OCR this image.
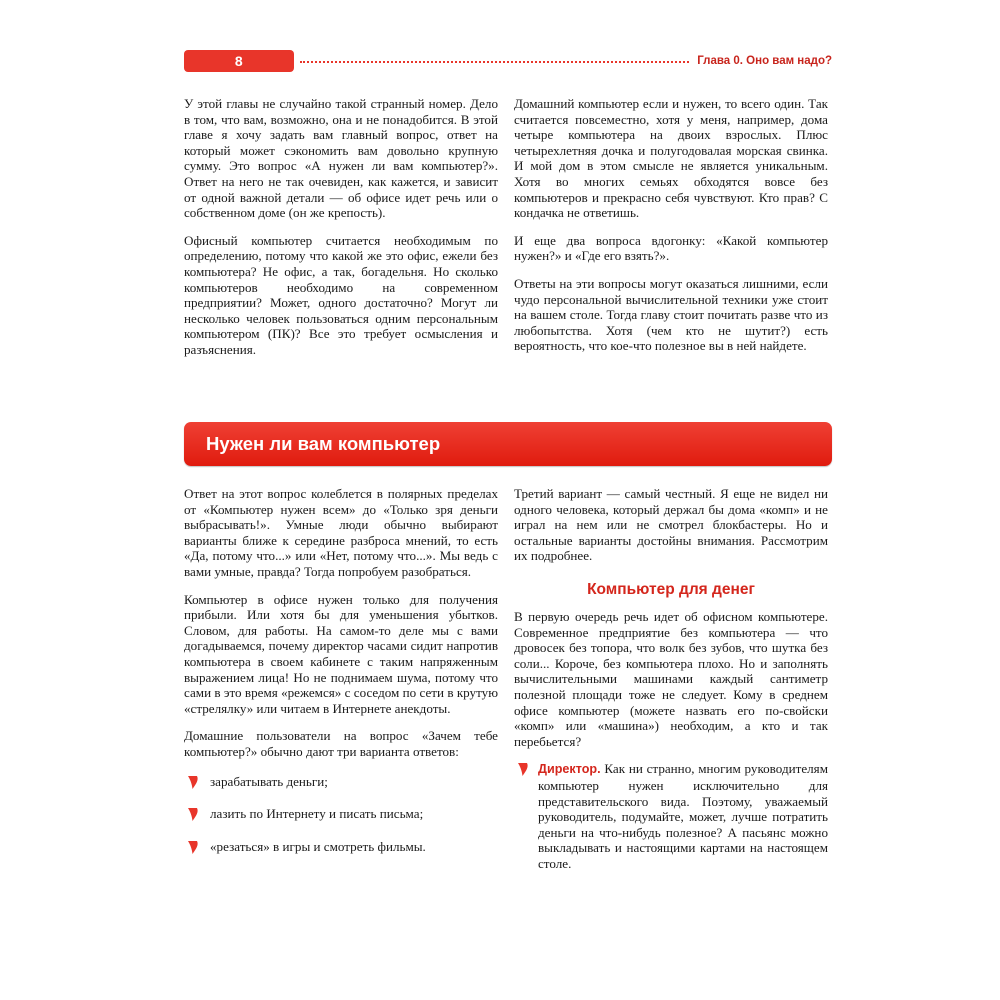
8	Глава 0. Оно вам надо?

У этой главы не случайно такой странный номер. Дело в том, что вам, возможно, она и не понадобится. В этой главе я хочу задать вам главный вопрос, ответ на который может сэкономить вам довольно крупную сумму. Это вопрос «А нужен ли вам компьютер?». Ответ на него не так очевиден, как кажется, и зависит от одной важной детали — об офисе идет речь или о собственном доме (он же крепость).

Офисный компьютер считается необходимым по определению, потому что какой же это офис, ежели без компьютера? Не офис, а так, богадельня. Но сколько компьютеров необходимо на современном предприятии? Может, одного достаточно? Могут ли несколько человек пользоваться одним персональным компьютером (ПК)? Все это требует осмысления и разъяснения.

Домашний компьютер если и нужен, то всего один. Так считается повсеместно, хотя у меня, например, дома четыре компьютера на двоих взрослых. Плюс четырехлетняя дочка и полугодовалая морская свинка. И мой дом в этом смысле не является уникальным. Хотя во многих семьях обходятся вовсе без компьютеров и прекрасно себя чувствуют. Кто прав? С кондачка не ответишь.

И еще два вопроса вдогонку: «Какой компьютер нужен?» и «Где его взять?».

Ответы на эти вопросы могут оказаться лишними, если чудо персональной вычислительной техники уже стоит на вашем столе. Тогда главу стоит почитать разве что из любопытства. Хотя (чем кто не шутит?) есть вероятность, что кое-что полезное вы в ней найдете.

Нужен ли вам компьютер

Ответ на этот вопрос колеблется в полярных пределах от «Компьютер нужен всем» до «Только зря деньги выбрасывать!». Умные люди обычно выбирают варианты ближе к середине разброса мнений, то есть «Да, потому что...» или «Нет, потому что...». Мы ведь с вами умные, правда? Тогда попробуем разобраться.

Компьютер в офисе нужен только для получения прибыли. Или хотя бы для уменьшения убытков. Словом, для работы. На самом-то деле мы с вами догадываемся, почему директор часами сидит напротив компьютера в своем кабинете с таким напряженным выражением лица! Но не поднимаем шума, потому что сами в это время «режемся» с соседом по сети в крутую «стрелялку» или читаем в Интернете анекдоты.

Домашние пользователи на вопрос «Зачем тебе компьютер?» обычно дают три варианта ответов:

зарабатывать деньги;
лазить по Интернету и писать письма;
«резаться» в игры и смотреть фильмы.

Третий вариант — самый честный. Я еще не видел ни одного человека, который держал бы дома «комп» и не играл на нем или не смотрел блокбастеры. Но и остальные варианты достойны внимания. Рассмотрим их подробнее.

Компьютер для денег

В первую очередь речь идет об офисном компьютере. Современное предприятие без компьютера — что дровосек без топора, что волк без зубов, что шутка без соли... Короче, без компьютера плохо. Но и заполнять вычислительными машинами каждый сантиметр полезной площади тоже не следует. Кому в среднем офисе компьютер (можете назвать его по-свойски «комп» или «машина») необходим, а кто и так перебьется?

Директор. Как ни странно, многим руководителям компьютер нужен исключительно для представительского вида. Поэтому, уважаемый руководитель, подумайте, может, лучше потратить деньги на что-нибудь полезное? А пасьянс можно выкладывать и настоящими картами на настоящем столе.
